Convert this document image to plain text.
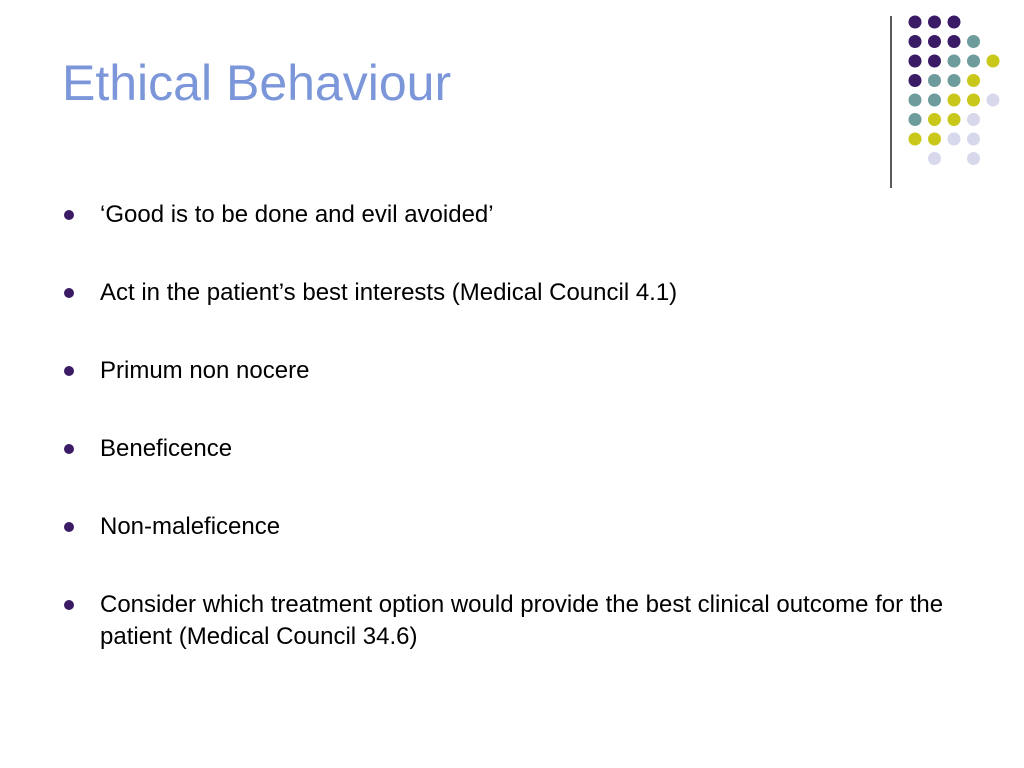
Ethical Behaviour
‘Good is to be done and evil avoided’
Act in the patient’s best interests (Medical Council 4.1)
Primum non nocere
Beneficence
Non-maleficence
Consider which treatment option would provide the best clinical outcome for the patient (Medical Council 34.6)
